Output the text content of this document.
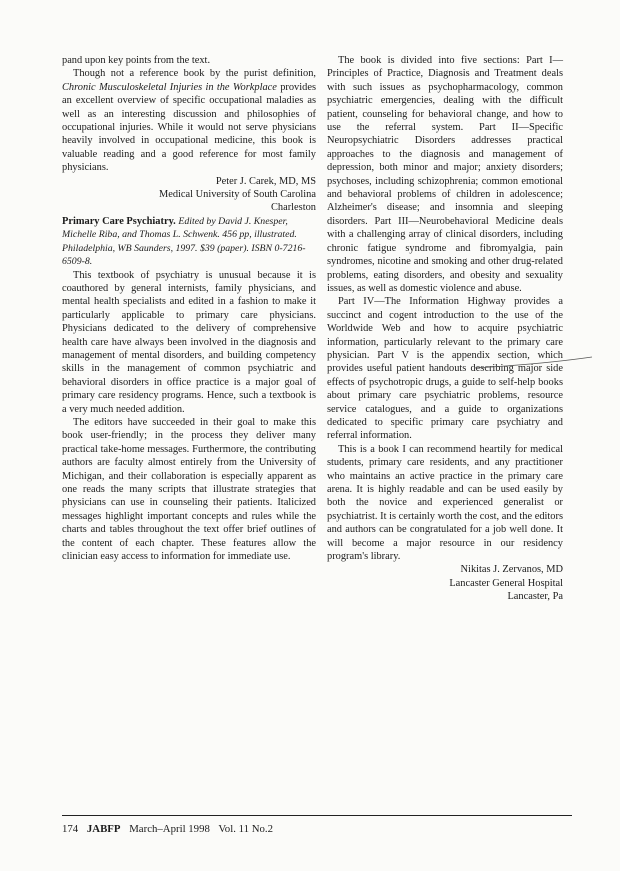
pand upon key points from the text.

Though not a reference book by the purist definition, Chronic Musculoskeletal Injuries in the Workplace provides an excellent overview of specific occupational maladies as well as an interesting discussion and philosophies of occupational injuries. While it would not serve physicians heavily involved in occupational medicine, this book is valuable reading and a good reference for most family physicians.

Peter J. Carek, MD, MS
Medical University of South Carolina
Charleston

Primary Care Psychiatry. Edited by David J. Knesper, Michelle Riba, and Thomas L. Schwenk. 456 pp, illustrated. Philadelphia, WB Saunders, 1997. $39 (paper). ISBN 0-7216-6509-8.

This textbook of psychiatry is unusual because it is coauthored by general internists, family physicians, and mental health specialists and edited in a fashion to make it particularly applicable to primary care physicians. Physicians dedicated to the delivery of comprehensive health care have always been involved in the diagnosis and management of mental disorders, and building competency skills in the management of common psychiatric and behavioral disorders in office practice is a major goal of primary care residency programs. Hence, such a textbook is a very much needed addition.

The editors have succeeded in their goal to make this book user-friendly; in the process they deliver many practical take-home messages. Furthermore, the contributing authors are faculty almost entirely from the University of Michigan, and their collaboration is especially apparent as one reads the many scripts that illustrate strategies that physicians can use in counseling their patients. Italicized messages highlight important concepts and rules while the charts and tables throughout the text offer brief outlines of the content of each chapter. These features allow the clinician easy access to information for immediate use.

The book is divided into five sections: Part I—Principles of Practice, Diagnosis and Treatment deals with such issues as psychopharmacology, common psychiatric emergencies, dealing with the difficult patient, counseling for behavioral change, and how to use the referral system. Part II—Specific Neuropsychiatric Disorders addresses practical approaches to the diagnosis and management of depression, both minor and major; anxiety disorders; psychoses, including schizophrenia; common emotional and behavioral problems of children in adolescence; Alzheimer's disease; and insomnia and sleeping disorders. Part III—Neurobehavioral Medicine deals with a challenging array of clinical disorders, including chronic fatigue syndrome and fibromyalgia, pain syndromes, nicotine and smoking and other drug-related problems, eating disorders, and obesity and sexuality issues, as well as domestic violence and abuse.

Part IV—The Information Highway provides a succinct and cogent introduction to the use of the Worldwide Web and how to acquire psychiatric information, particularly relevant to the primary care physician. Part V is the appendix section, which provides useful patient handouts describing major side effects of psychotropic drugs, a guide to self-help books about primary care psychiatric problems, resource service catalogues, and a guide to organizations dedicated to specific primary care psychiatry and referral information.

This is a book I can recommend heartily for medical students, primary care residents, and any practitioner who maintains an active practice in the primary care arena. It is highly readable and can be used easily by both the novice and experienced generalist or psychiatrist. It is certainly worth the cost, and the editors and authors can be congratulated for a job well done. It will become a major resource in our residency program's library.

Nikitas J. Zervanos, MD
Lancaster General Hospital
Lancaster, Pa
174 JABFP March–April 1998 Vol. 11 No.2
